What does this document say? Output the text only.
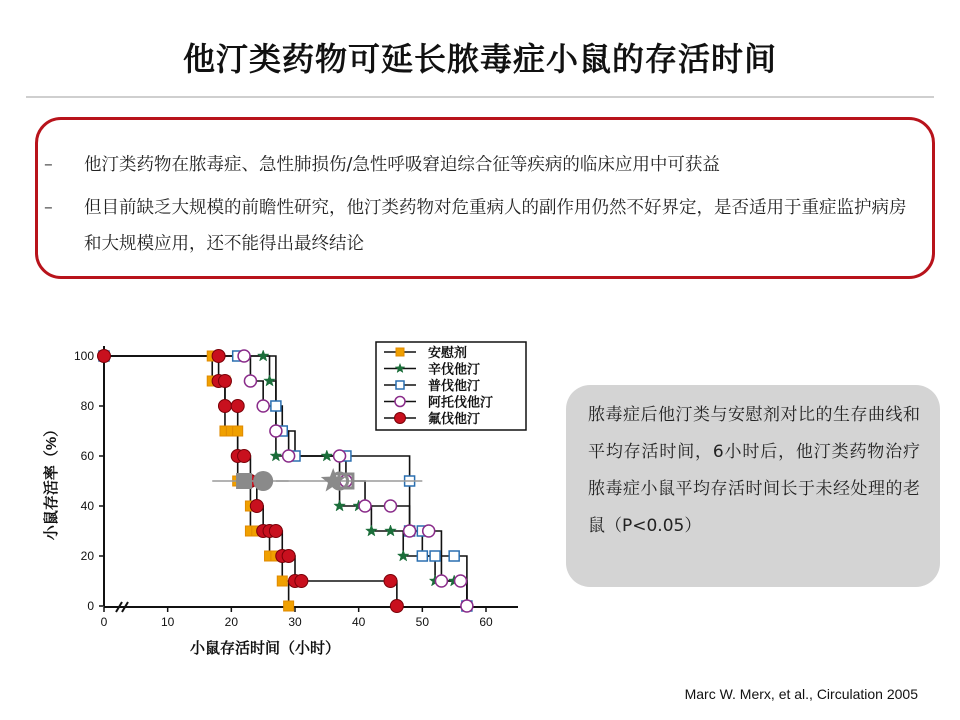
他汀类药物可延长脓毒症小鼠的存活时间
– 他汀类药物在脓毒症、急性肺损伤/急性呼吸窘迫综合征等疾病的临床应用中可获益
– 但目前缺乏大规模的前瞻性研究，他汀类药物对危重病人的副作用仍然不好界定，是否适用于重症监护病房和大规模应用，还不能得出最终结论
0
20
40
60
80
100
0	10	20	30	40	50	60
小鼠存活时间（小时）
小鼠存活率（%）
安慰剂
辛伐他汀
普伐他汀
阿托伐他汀
氟伐他汀	脓毒症后他汀类与安慰剂对比的生存曲线和平均存活时间，6小时后，他汀类药物治疗脓毒症小鼠平均存活时间长于未经处理的老鼠（P<0.05）
Marc W. Merx, et al., Circulation 2005
